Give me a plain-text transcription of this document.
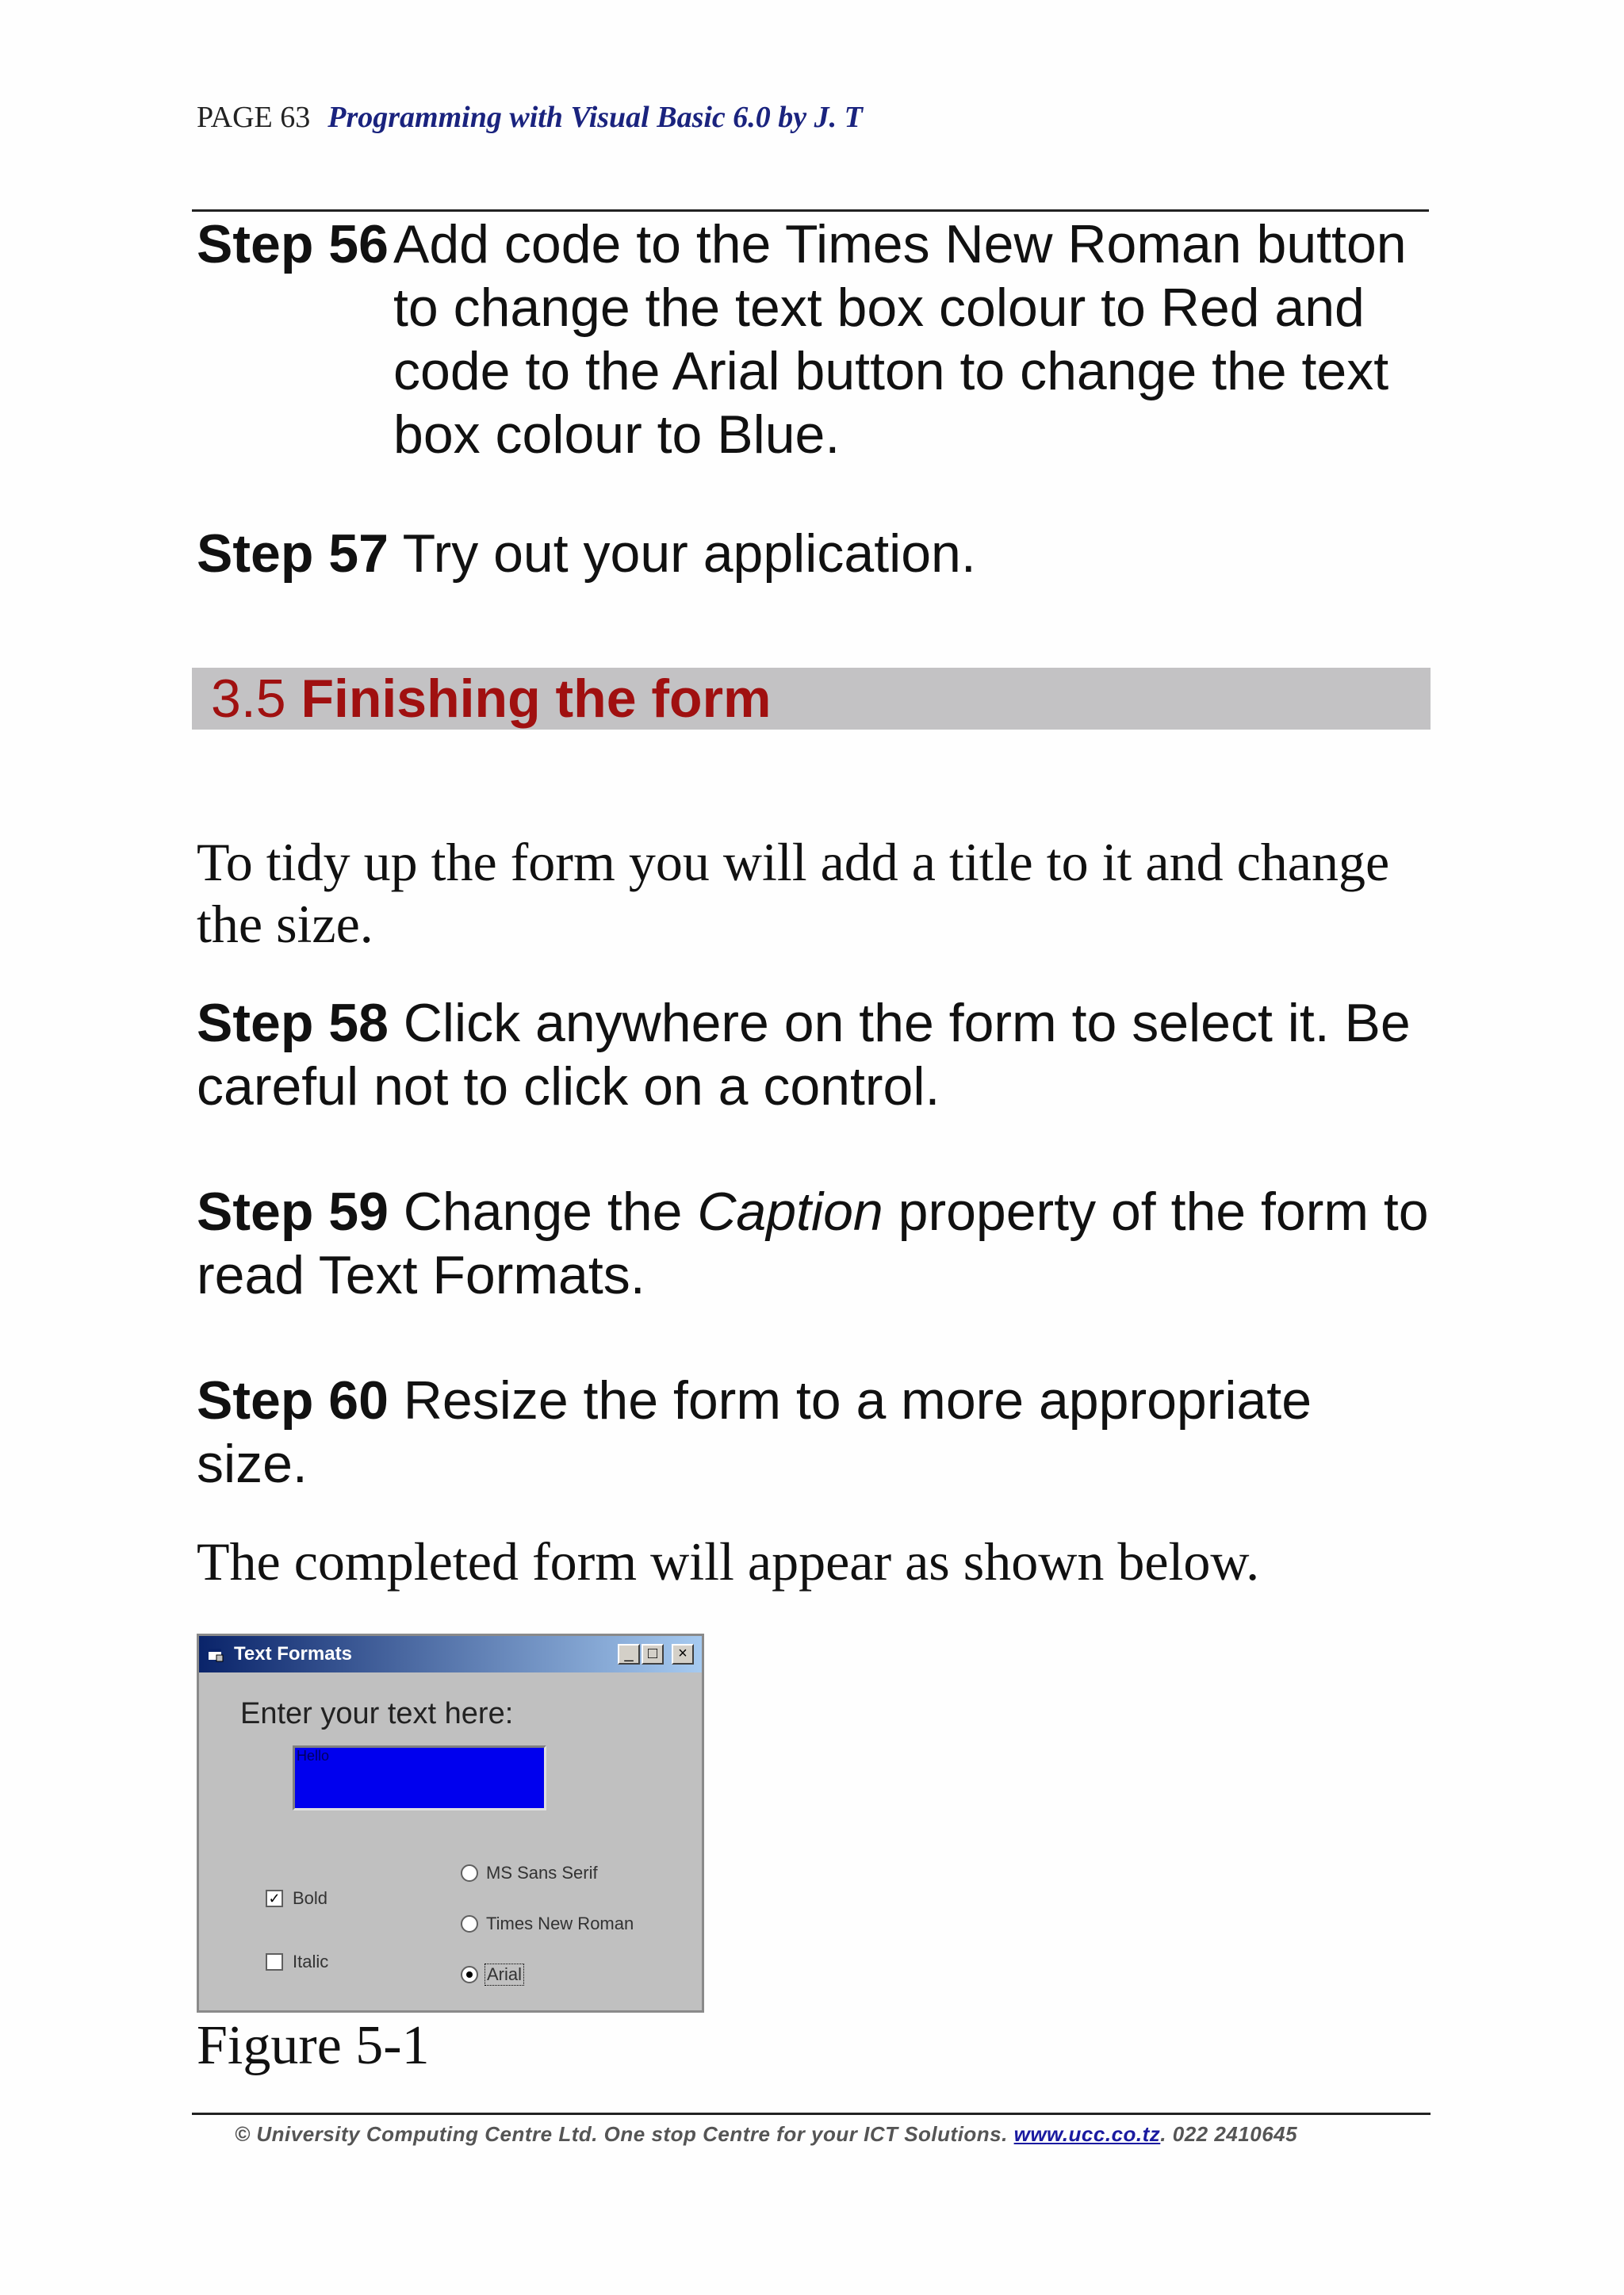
PAGE 63 Programming with Visual Basic 6.0 by J. T
Step 56 Add code to the Times New Roman button to change the text box colour to Red and code to the Arial button to change the text box colour to Blue.
Step 57 Try out your application.
3.5 Finishing the form
To tidy up the form you will add a title to it and change the size.
Step 58 Click anywhere on the form to select it. Be careful not to click on a control.
Step 59 Change the Caption property of the form to read Text Formats.
Step 60 Resize the form to a more appropriate size.
The completed form will appear as shown below.
Text Formats	_ □	×
Enter your text here:
Hello
✓ Bold
Italic
MS Sans Serif
Times New Roman
Arial
Figure 5-1
© University Computing Centre Ltd. One stop Centre for your ICT Solutions. www.ucc.co.tz. 022 2410645
